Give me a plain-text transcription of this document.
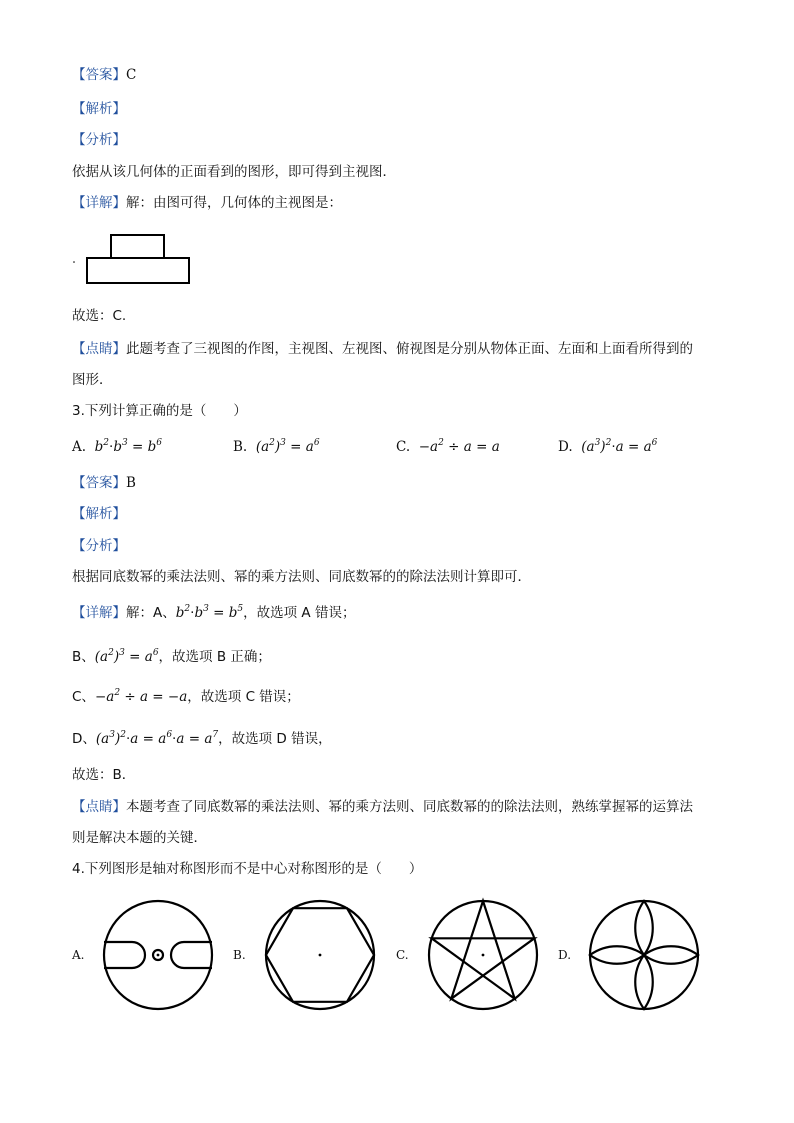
【答案】C
【解析】
【分析】
依据从该几何体的正面看到的图形，即可得到主视图．
【详解】解：由图可得，几何体的主视图是：
故选：C.
【点睛】此题考查了三视图的作图，主视图、左视图、俯视图是分别从物体正面、左面和上面看所得到的
图形．
3.下列计算正确的是（　　）
A. $b^2\cdot b^3 = b^6$	B. $(a^2)^3 = a^6$	C. $-a^2 \div a = a$	D. $(a^3)^2\cdot a = a^6$
【答案】B
【解析】
【分析】
根据同底数幂的乘法法则、幂的乘方法则、同底数幂的的除法法则计算即可．
【详解】解：A、$b^2\cdot b^3 = b^5$，故选项 A 错误；
B、$(a^2)^3 = a^6$，故选项 B 正确；
C、$-a^2 \div a = -a$，故选项 C 错误；
D、$(a^3)^2\cdot a = a^6\cdot a = a^7$，故选项 D 错误，
故选：B．
【点睛】本题考查了同底数幂的乘法法则、幂的乘方法则、同底数幂的的除法法则，熟练掌握幂的运算法
则是解决本题的关键．
4.下列图形是轴对称图形而不是中心对称图形的是（　　）
A.	B.	C.	D.
